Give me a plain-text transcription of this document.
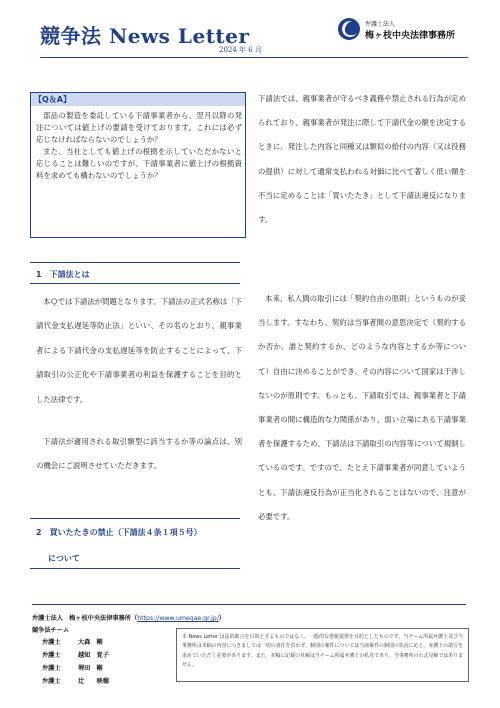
競争法 News Letter
2024 年 6 月
弁護士法人
梅ヶ枝中央法律事務所
【Q＆A】

部品の製造を委託している下請事業者から、翌月以降の発注については値上げの要請を受けております。これには必ず応じなければならないのでしょうか？

また、当社としても値上げの根拠を示していただかないと応じることは難しいのですが、下請事業者に値上げの根拠資料を求めても構わないのでしょうか？

1　下請法とは
本Ｑでは下請法が問題となります。下請法の正式名称は「下請代金支払遅延等防止法」といい、その名のとおり、親事業者による下請代金の支払遅延等を防止することによって、下請取引の公正化や下請事業者の利益を保護することを目的とした法律です。
下請法が適用される取引類型に該当するか等の論点は、別の機会にご説明させていただきます。
2　買いたたきの禁止（下請法４条１項５号）
について
下請法では、親事業者が守るべき義務や禁止される行為が定められており、親事業者が発注に際して下請代金の額を決定するときに、発注した内容と同種又は類似の給付の内容（又は役務の提供）に対して通常支払われる対価に比べて著しく低い額を不当に定めることは「買いたたき」として下請法違反になります。
本来、私人間の取引には「契約自由の原則」というものが妥当します。すなわち、契約は当事者間の意思決定で（契約するか否か、誰と契約するか、どのような内容とするか等について）自由に決めることができ、その内容について国家は干渉しないのが原則です。もっとも、下請取引では、親事業者と下請事業者の間に構造的な力関係があり、弱い立場にある下請事業者を保護するため、下請法は下請取引の内容等について規制しているのです。ですので、たとえ下請事業者が同意していようとも、下請法違反行為が正当化されることはないので、注意が必要です。
弁護士法人　梅ヶ枝中央法律事務所（https://www.umegae.gr.jp/）
競争法チーム
弁護士	大森　剛
弁護士	越知　覚子
弁護士	堺田　剛
弁護士	辻　　映穂
本 News Letter は法的助言を目的とするものではなく、一般的な情報提供を目的としたものです。当チーム所属弁護士及び当事務所は本稿の内容につきましては一切の責任を負わず、個別の案件については当該案件の個別の状況に応じ、弁護士の助言を求めていただく必要があります。また、本稿に記載の見解は当チーム所属弁護士の私見であり、当事務所の公式見解ではありません。
